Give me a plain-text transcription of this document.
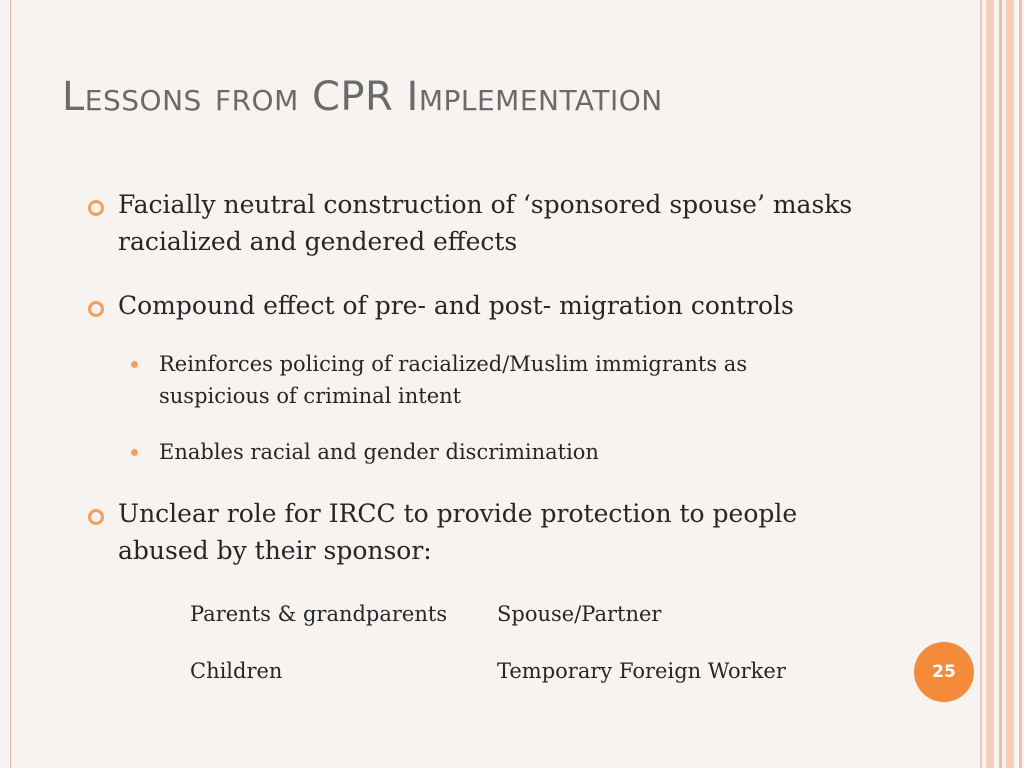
Lessons from CPR Implementation
Facially neutral construction of ‘sponsored spouse’ masks racialized and gendered effects
Compound effect of pre- and post- migration controls
Reinforces policing of racialized/Muslim immigrants as suspicious of criminal intent
Enables racial and gender discrimination
Unclear role for IRCC to provide protection to people abused by their sponsor:
Parents & grandparents Spouse/Partner
Children	Temporary Foreign Worker	25
